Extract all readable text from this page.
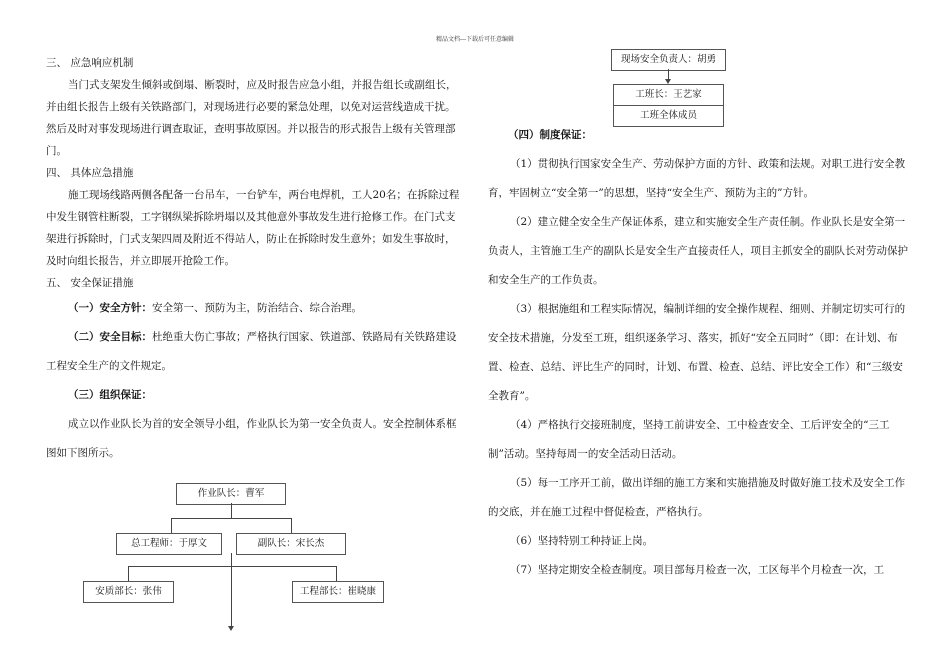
精品文档---下载后可任意编辑

三、 应急响应机制

当门式支架发生倾斜或倒塌、断裂时，应及时报告应急小组，并报告组长或副组长，并由组长报告上级有关铁路部门，对现场进行必要的紧急处理，以免对运营线造成干扰。然后及时对事发现场进行调查取证，查明事故原因。并以报告的形式报告上级有关管理部门。

四、 具体应急措施

施工现场线路两侧各配备一台吊车，一台铲车，两台电焊机，工人20名；在拆除过程中发生钢管柱断裂，工字钢纵梁拆除坍塌以及其他意外事故发生进行抢修工作。在门式支架进行拆除时，门式支架四周及附近不得站人，防止在拆除时发生意外；如发生事故时，及时向组长报告，并立即展开抢险工作。

五、 安全保证措施

（一）安全方针：安全第一、预防为主，防治结合、综合治理。

（二）安全目标：杜绝重大伤亡事故；严格执行国家、铁道部、铁路局有关铁路建设工程安全生产的文件规定。

（三）组织保证：

成立以作业队长为首的安全领导小组，作业队长为第一安全负责人。安全控制体系框图如下图所示。

作业队长：曹军
总工程师：于厚文	副队长：宋长杰
安质部长：张伟	工程部长：崔晓康
现场安全负责人：胡勇
工班长：王艺家
工班全体成员

（四）制度保证：

（1）贯彻执行国家安全生产、劳动保护方面的方针、政策和法规。对职工进行安全教育，牢固树立“安全第一”的思想，坚持“安全生产、预防为主的”方针。

（2）建立健全安全生产保证体系，建立和实施安全生产责任制。作业队长是安全第一负责人，主管施工生产的副队长是安全生产直接责任人，项目主抓安全的副队长对劳动保护和安全生产的工作负责。

（3）根据施组和工程实际情况，编制详细的安全操作规程、细则、并制定切实可行的安全技术措施，分发至工班，组织逐条学习、落实，抓好“安全五同时”（即：在计划、布置、检查、总结、评比生产的同时，计划、布置、检查、总结、评比安全工作）和“三级安全教育”。

（4）严格执行交接班制度，坚持工前讲安全、工中检查安全、工后评安全的“三工制”活动。坚持每周一的安全活动日活动。

（5）每一工序开工前，做出详细的施工方案和实施措施及时做好施工技术及安全工作的交底，并在施工过程中督促检查，严格执行。

（6）坚持特别工种持证上岗。

（7）坚持定期安全检查制度。项目部每月检查一次，工区每半个月检查一次，工
